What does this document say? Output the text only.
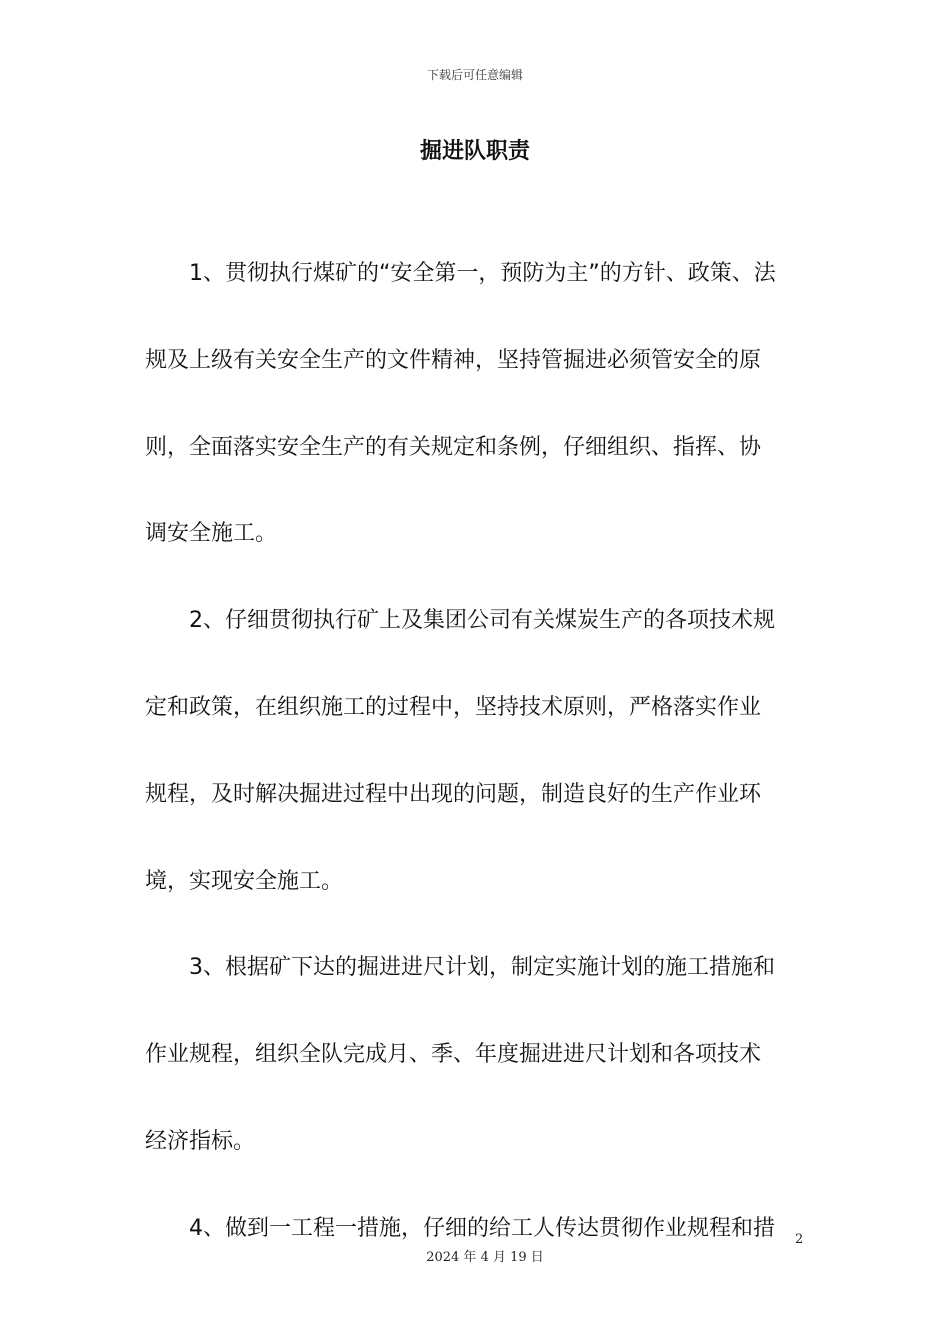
下载后可任意编辑
掘进队职责
1、贯彻执行煤矿的“安全第一，预防为主”的方针、政策、法
规及上级有关安全生产的文件精神，坚持管掘进必须管安全的原
则，全面落实安全生产的有关规定和条例，仔细组织、指挥、协
调安全施工。
2、仔细贯彻执行矿上及集团公司有关煤炭生产的各项技术规
定和政策，在组织施工的过程中，坚持技术原则，严格落实作业
规程，及时解决掘进过程中出现的问题，制造良好的生产作业环
境，实现安全施工。
3、根据矿下达的掘进进尺计划，制定实施计划的施工措施和
作业规程，组织全队完成月、季、年度掘进进尺计划和各项技术
经济指标。
4、做到一工程一措施，仔细的给工人传达贯彻作业规程和措	2
2024 年 4 月 19 日
